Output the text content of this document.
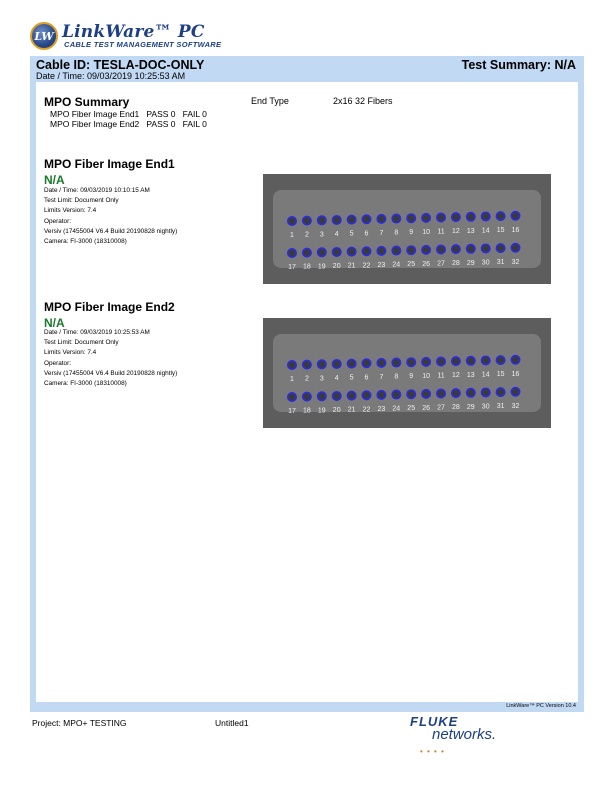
LW LinkWare™ PC
CABLE TEST MANAGEMENT SOFTWARE
Cable ID: TESLA-DOC-ONLY
Date / Time: 09/03/2019 10:25:53 AM
Test Summary: N/A
MPO Summary
MPO Fiber Image End1 PASS 0 FAIL 0
MPO Fiber Image End2 PASS 0 FAIL 0
End Type	2x16 32 Fibers
MPO Fiber Image End1
N/A
Date / Time: 09/03/2019 10:10:15 AM
Test Limit: Document Only
Limits Version: 7.4
Operator:
Versiv (17455004 V6.4 Build 20190828 nightly)
Camera: FI-3000 (18310008)
1 2 3 4 5 6 7 8 9 10 11 12 13 14 15 16
17 18 19 20 21 22 23 24 25 26 27 28 29 30 31 32
MPO Fiber Image End2
N/A
Date / Time: 09/03/2019 10:25:53 AM
Test Limit: Document Only
Limits Version: 7.4
Operator:
Versiv (17455004 V6.4 Build 20190828 nightly)
Camera: FI-3000 (18310008)
1 2 3 4 5 6 7 8 9 10 11 12 13 14 15 16
17 18 19 20 21 22 23 24 25 26 27 28 29 30 31 32
LinkWare™ PC Version 10.4
Project: MPO+ TESTING	Untitled1	FLUKE
networks.
• • • •
